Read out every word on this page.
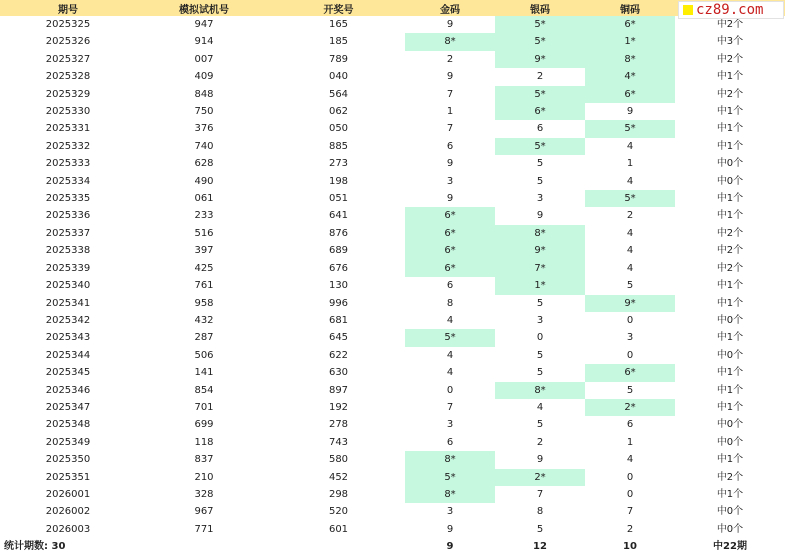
期号	模拟试机号	开奖号	金码	银码	铜码	
2025325	947	165	9	5*	6*	中2个
2025326	914	185	8*	5*	1*	中3个
2025327	007	789	2	9*	8*	中2个
2025328	409	040	9	2	4*	中1个
2025329	848	564	7	5*	6*	中2个
2025330	750	062	1	6*	9	中1个
2025331	376	050	7	6	5*	中1个
2025332	740	885	6	5*	4	中1个
2025333	628	273	9	5	1	中0个
2025334	490	198	3	5	4	中0个
2025335	061	051	9	3	5*	中1个
2025336	233	641	6*	9	2	中1个
2025337	516	876	6*	8*	4	中2个
2025338	397	689	6*	9*	4	中2个
2025339	425	676	6*	7*	4	中2个
2025340	761	130	6	1*	5	中1个
2025341	958	996	8	5	9*	中1个
2025342	432	681	4	3	0	中0个
2025343	287	645	5*	0	3	中1个
2025344	506	622	4	5	0	中0个
2025345	141	630	4	5	6*	中1个
2025346	854	897	0	8*	5	中1个
2025347	701	192	7	4	2*	中1个
2025348	699	278	3	5	6	中0个
2025349	118	743	6	2	1	中0个
2025350	837	580	8*	9	4	中1个
2025351	210	452	5*	2*	0	中2个
2026001	328	298	8*	7	0	中1个
2026002	967	520	3	8	7	中0个
2026003	771	601	9	5	2	中0个
统计期数: 30			9	12	10	中22期
cz89.com
